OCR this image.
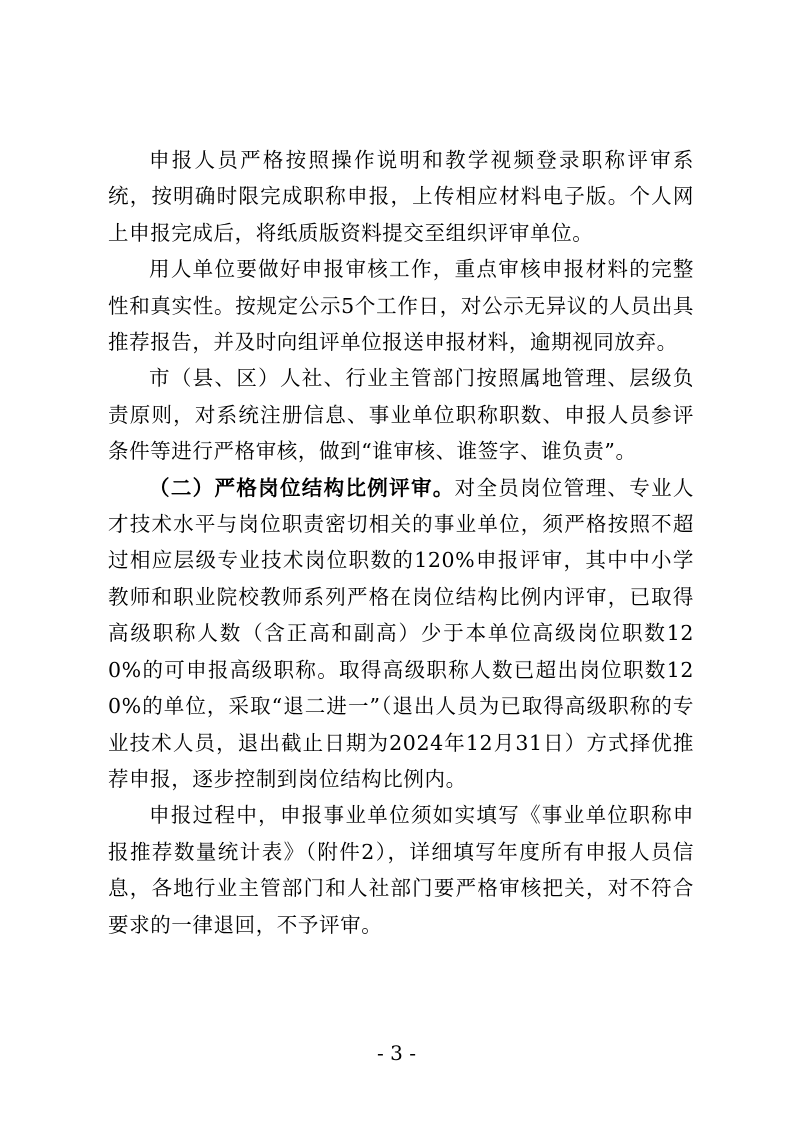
申报人员严格按照操作说明和教学视频登录职称评审系统，按明确时限完成职称申报，上传相应材料电子版。个人网上申报完成后，将纸质版资料提交至组织评审单位。

用人单位要做好申报审核工作，重点审核申报材料的完整性和真实性。按规定公示5个工作日，对公示无异议的人员出具推荐报告，并及时向组评单位报送申报材料，逾期视同放弃。

市（县、区）人社、行业主管部门按照属地管理、层级负责原则，对系统注册信息、事业单位职称职数、申报人员参评条件等进行严格审核，做到“谁审核、谁签字、谁负责”。

（二）严格岗位结构比例评审。对全员岗位管理、专业人才技术水平与岗位职责密切相关的事业单位，须严格按照不超过相应层级专业技术岗位职数的120%申报评审，其中中小学教师和职业院校教师系列严格在岗位结构比例内评审，已取得高级职称人数（含正高和副高）少于本单位高级岗位职数120%的可申报高级职称。取得高级职称人数已超出岗位职数120%的单位，采取“退二进一”（退出人员为已取得高级职称的专业技术人员，退出截止日期为2024年12月31日）方式择优推荐申报，逐步控制到岗位结构比例内。

申报过程中，申报事业单位须如实填写《事业单位职称申报推荐数量统计表》（附件2），详细填写年度所有申报人员信息，各地行业主管部门和人社部门要严格审核把关，对不符合要求的一律退回，不予评审。

- 3 -
